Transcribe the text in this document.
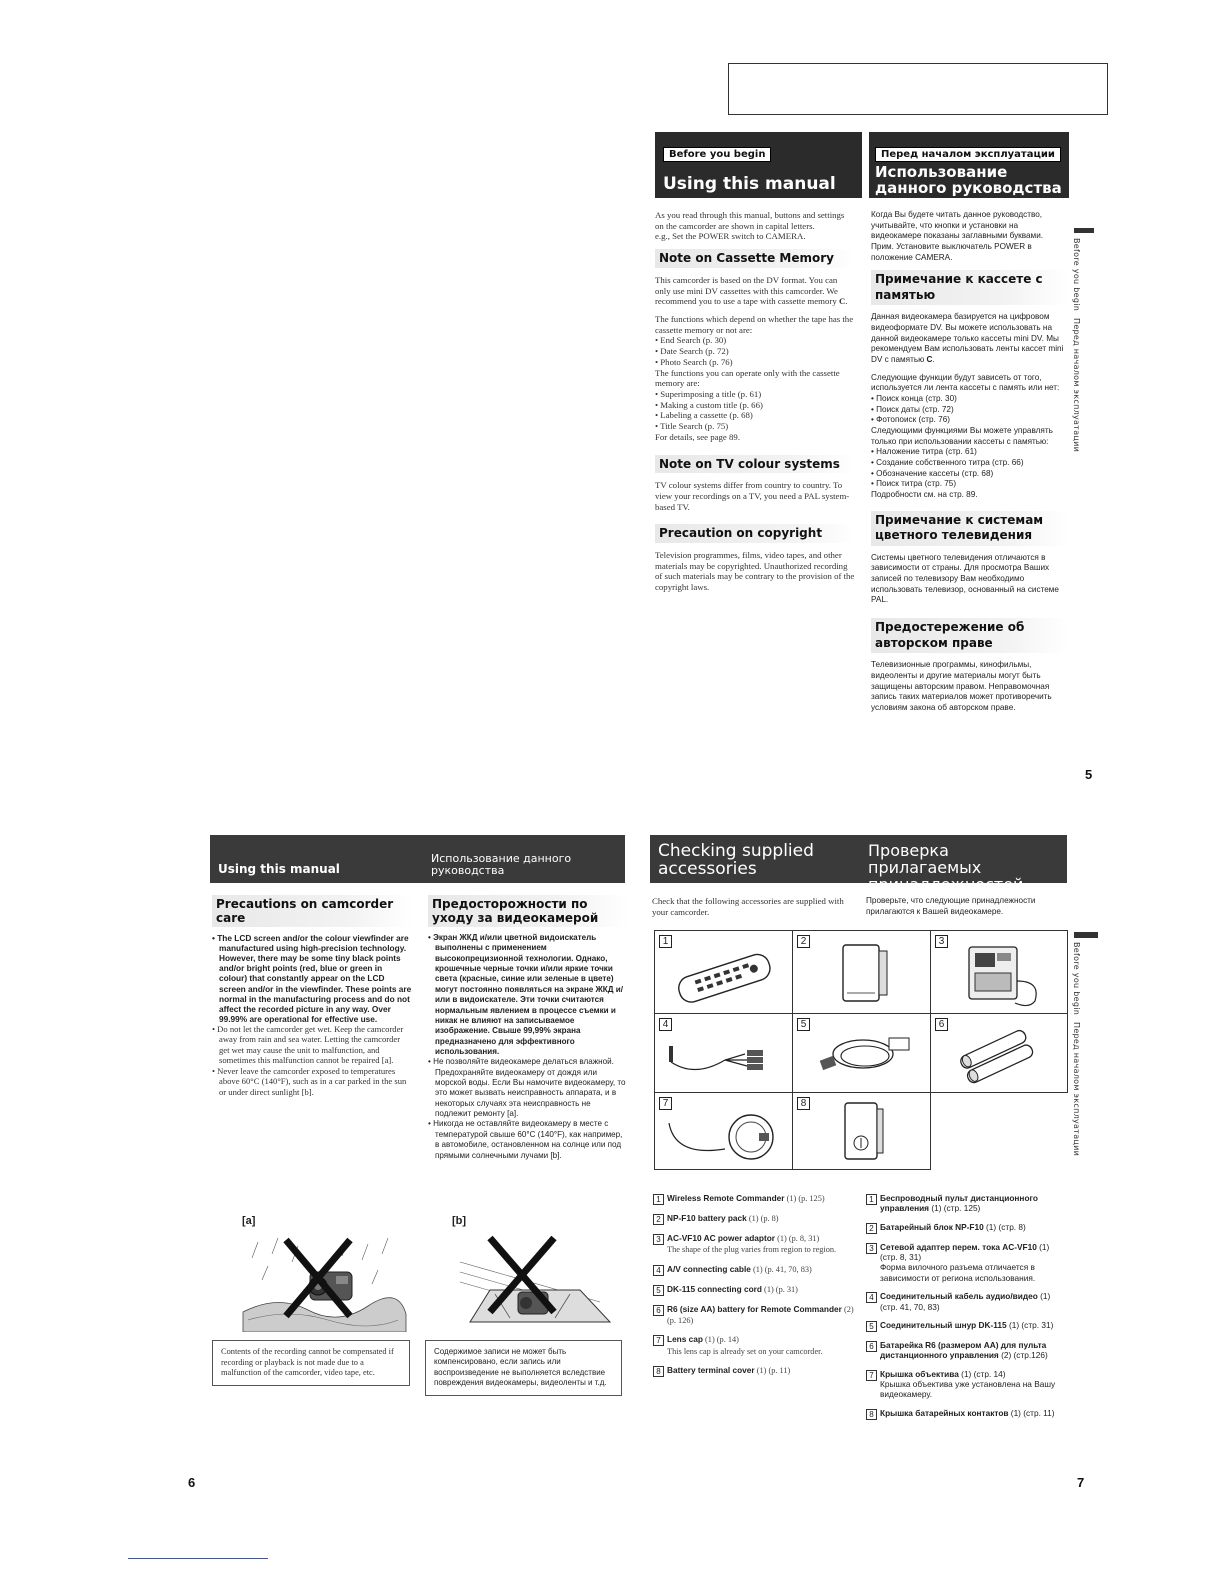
Before you begin
Using this manual
Перед началом эксплуатации
Использование данного руководства

As you read through this manual, buttons and settings on the camcorder are shown in capital letters.

e.g., Set the POWER switch to CAMERA.

Note on Cassette Memory

This camcorder is based on the DV format. You can only use mini DV cassettes with this camcorder. We recommend you to use a tape with cassette memory C.

The functions which depend on whether the tape has the cassette memory or not are:

• End Search (p. 30)
• Date Search (p. 72)
• Photo Search (p. 76)

The functions you can operate only with the cassette memory are:

• Superimposing a title (p. 61)
• Making a custom title (p. 66)
• Labeling a cassette (p. 68)
• Title Search (p. 75)

For details, see page 89.

Note on TV colour systems

TV colour systems differ from country to country. To view your recordings on a TV, you need a PAL system-based TV.

Precaution on copyright

Television programmes, films, video tapes, and other materials may be copyrighted. Unauthorized recording of such materials may be contrary to the provision of the copyright laws.

Когда Вы будете читать данное руководство, учитывайте, что кнопки и установки на видеокамере показаны заглавными буквами.

Прим. Установите выключатель POWER в положение CAMERA.

Примечание к кассете с памятью

Данная видеокамера базируется на цифровом видеоформате DV. Вы можете использовать на данной видеокамере только кассеты mini DV. Мы рекомендуем Вам использовать ленты кассет mini DV с памятью C.

Следующие функции будут зависеть от того, используется ли лента кассеты с память или нет:

• Поиск конца (стр. 30)
• Поиск даты (стр. 72)
• Фотопоиск (стр. 76)

Следующими функциями Вы можете управлять только при использовании кассеты с памятью:

• Наложение титра (стр. 61)
• Создание собственного титра (стр. 66)
• Обозначение кассеты (стр. 68)
• Поиск титра (стр. 75)

Подробности см. на стр. 89.

Примечание к системам цветного телевидения

Системы цветного телевидения отличаются в зависимости от страны. Для просмотра Ваших записей по телевизору Вам необходимо использовать телевизор, основанный на системе PAL.

Предостережение об авторском праве

Телевизионные программы, кинофильмы, видеоленты и другие материалы могут быть защищены авторским правом. Неправомочная запись таких материалов может противоречить условиям закона об авторском праве.

Before you begin
Перед началом эксплуатации
5
Using this manual
Использование данного руководства
Precautions on camcorder care
• The LCD screen and/or the colour viewfinder are manufactured using high-precision technology. However, there may be some tiny black points and/or bright points (red, blue or green in colour) that constantly appear on the LCD screen and/or in the viewfinder. These points are normal in the manufacturing process and do not affect the recorded picture in any way. Over 99.99% are operational for effective use.
• Do not let the camcorder get wet. Keep the camcorder away from rain and sea water. Letting the camcorder get wet may cause the unit to malfunction, and sometimes this malfunction cannot be repaired [a].
• Never leave the camcorder exposed to temperatures above 60°C (140°F), such as in a car parked in the sun or under direct sunlight [b].
Предосторожности по уходу за видеокамерой
• Экран ЖКД и/или цветной видоискатель выполнены с применением высокопрецизионной технологии. Однако, крошечные черные точки и/или яркие точки света (красные, синие или зеленые в цвете) могут постоянно появляться на экране ЖКД и/или в видоискателе. Эти точки считаются нормальным явлением в процессе съемки и никак не влияют на записываемое изображение. Свыше 99,99% экрана предназначено для эффективного использования.
• Не позволяйте видеокамере делаться влажной. Предохраняйте видеокамеру от дождя или морской воды. Если Вы намочите видеокамеру, то это может вызвать неисправность аппарата, и в некоторых случаях эта неисправность не подлежит ремонту [a].
• Никогда не оставляйте видеокамеру в месте с температурой свыше 60°C (140°F), как например, в автомобиле, остановленном на солнце или под прямыми солнечными лучами [b].
[a]	[b]
Contents of the recording cannot be compensated if recording or playback is not made due to a malfunction of the camcorder, video tape, etc.
Содержимое записи не может быть компенсировано, если запись или воспроизведение не выполняется вследствие повреждения видеокамеры, видеоленты и т.д.
6
Checking supplied accessories
Проверка прилагаемых принадлежностей
Check that the following accessories are supplied with your camcorder.
Проверьте, что следующие принадлежности прилагаются к Вашей видеокамере.
1	2	3
4	5	6
7	8
1 Wireless Remote Commander (1) (p. 125)
2 NP-F10 battery pack (1) (p. 8)
3 AC-VF10 AC power adaptor (1) (p. 8, 31)
The shape of the plug varies from region to region.
4 A/V connecting cable (1) (p. 41, 70, 83)
5 DK-115 connecting cord (1) (p. 31)
6 R6 (size AA) battery for Remote Commander (2) (p. 126)
7 Lens cap (1) (p. 14)
This lens cap is already set on your camcorder.
8 Battery terminal cover (1) (p. 11)
1 Беспроводный пульт дистанционного управления (1) (стр. 125)
2 Батарейный блок NP-F10 (1) (стр. 8)
3 Сетевой адаптер перем. тока AC-VF10 (1) (стр. 8, 31)
Форма вилочного разъема отличается в зависимости от региона использования.
4 Соединительный кабель аудио/видео (1) (стр. 41, 70, 83)
5 Соединительный шнур DK-115 (1) (стр. 31)
6 Батарейка R6 (размером AA) для пульта дистанционного управления (2) (стр.126)
7 Крышка объектива (1) (стр. 14)
Крышка объектива уже установлена на Вашу видеокамеру.
8 Крышка батарейных контактов (1) (стр. 11)
Before you begin
Перед началом эксплуатации
7
